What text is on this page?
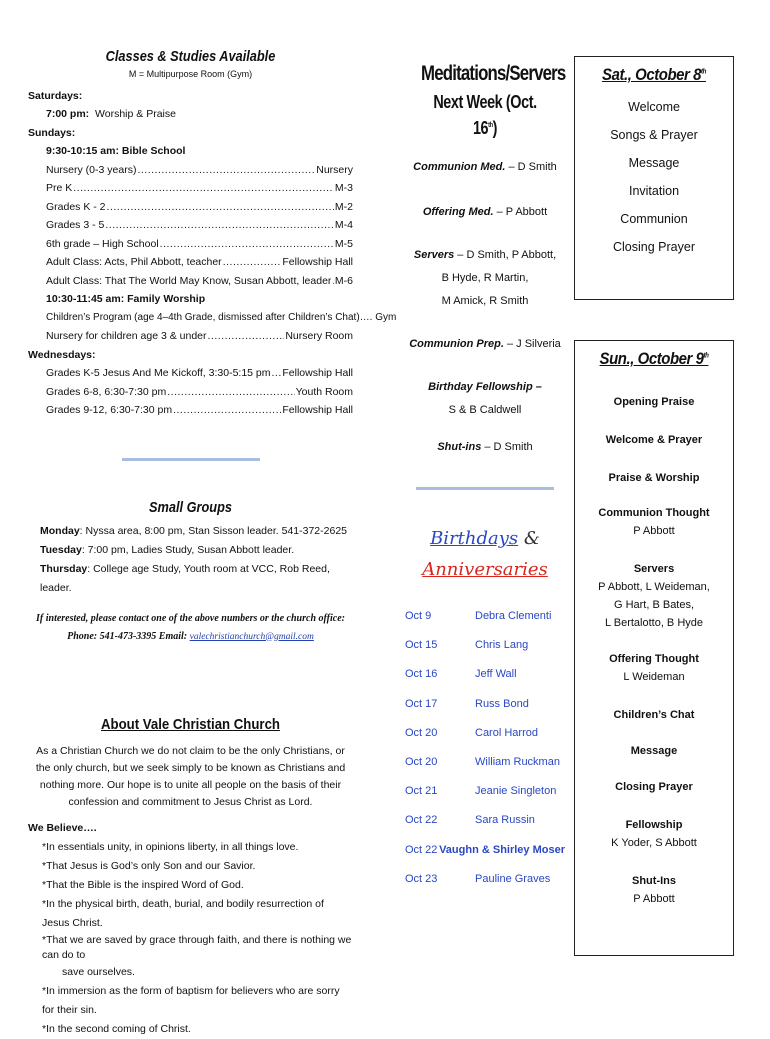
Classes & Studies Available
M = Multipurpose Room (Gym)
Saturdays:
7:00 pm: Worship & Praise
Sundays:
9:30-10:15 am: Bible School
Nursery (0-3 years) .....	Nursery
Pre K .....	M-3
Grades K - 2 .....	M-2
Grades 3 - 5 .....	M-4
6th grade – High School .....	M-5
Adult Class: Acts, Phil Abbott, teacher .....	Fellowship Hall
Adult Class: That The World May Know, Susan Abbott, leader ..... M-6
10:30-11:45 am: Family Worship
Children’s Program (age 4–4th Grade, dismissed after Children’s Chat)…. Gym
Nursery for children age 3 & under .....	Nursery Room
Wednesdays:
Grades K-5 Jesus And Me Kickoff, 3:30-5:15 pm ..... Fellowship Hall
Grades 6-8, 6:30-7:30 pm .....	Youth Room
Grades 9-12, 6:30-7:30 pm .....	Fellowship Hall
Small Groups

Monday: Nyssa area, 8:00 pm, Stan Sisson leader. 541-372-2625

Tuesday: 7:00 pm, Ladies Study, Susan Abbott leader.

Thursday: College age Study, Youth room at VCC, Rob Reed, leader.

If interested, please contact one of the above numbers or the church office:
Phone: 541-473-3395 Email: valechristianchurch@gmail.com
About Vale Christian Church
As a Christian Church we do not claim to be the only Christians, or the only church, but we seek simply to be known as Christians and nothing more. Our hope is to unite all people on the basis of their confession and commitment to Jesus Christ as Lord.
We Believe….
*In essentials unity, in opinions liberty, in all things love.
*That Jesus is God’s only Son and our Savior.
*That the Bible is the inspired Word of God.
*In the physical birth, death, burial, and bodily resurrection of Jesus Christ.
*That we are saved by grace through faith, and there is nothing we can do to
save ourselves.
*In immersion as the form of baptism for believers who are sorry for their sin.
*In the second coming of Christ.
Meditations/Servers
Next Week (Oct. 16th)
Communion Med. – D Smith
Offering Med. – P Abbott
Servers – D Smith, P Abbott,
B Hyde, R Martin,
M Amick, R Smith
Communion Prep. – J Silveria
Birthday Fellowship –
S & B Caldwell
Shut-ins – D Smith
Birthdays &
Anniversaries
Oct 9	Debra Clementi
Oct 15	Chris Lang
Oct 16	Jeff Wall
Oct 17	Russ Bond
Oct 20	Carol Harrod
Oct 20	William Ruckman
Oct 21	Jeanie Singleton
Oct 22	Sara Russin
Oct 22 Vaughn & Shirley Moser
Oct 23	Pauline Graves
Sat., October 8th
Welcome
Songs & Prayer
Message
Invitation
Communion
Closing Prayer
Sun., October 9th
Opening Praise
Welcome & Prayer
Praise & Worship
Communion Thought
P Abbott
Servers
P Abbott, L Weideman,
G Hart, B Bates,
L Bertalotto, B Hyde
Offering Thought
L Weideman
Children’s Chat
Message
Closing Prayer
Fellowship
K Yoder, S Abbott
Shut-Ins
P Abbott
